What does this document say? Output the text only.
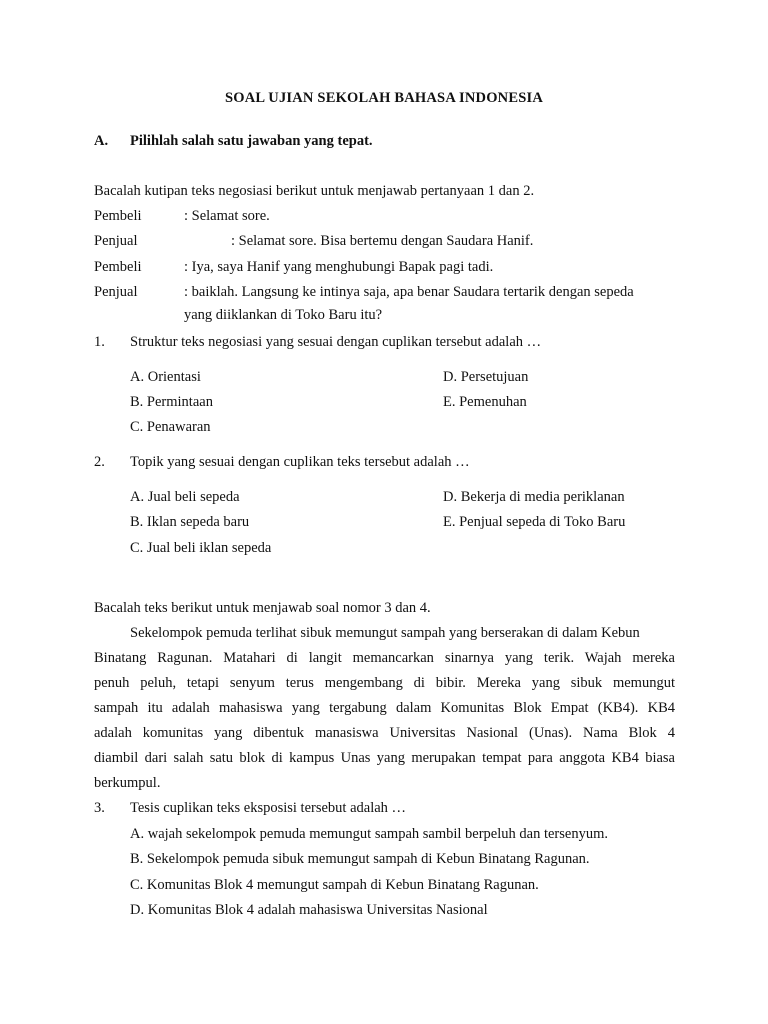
SOAL UJIAN SEKOLAH BAHASA INDONESIA
A. Pilihlah salah satu jawaban yang tepat.
Bacalah kutipan teks negosiasi berikut untuk menjawab pertanyaan 1 dan 2.
Pembeli	: Selamat sore.
Penjual	: Selamat sore. Bisa bertemu dengan Saudara Hanif.
Pembeli	: Iya, saya Hanif yang menghubungi Bapak pagi tadi.
Penjual	: baiklah. Langsung ke intinya saja, apa benar Saudara tertarik dengan sepeda
yang diiklankan di Toko Baru itu?
1. Struktur teks negosiasi yang sesuai dengan cuplikan tersebut adalah …
A. Orientasi
B. Permintaan
C. Penawaran
D. Persetujuan
E. Pemenuhan
2. Topik yang sesuai dengan cuplikan teks tersebut adalah …
A. Jual beli sepeda
B. Iklan sepeda baru
C. Jual beli iklan sepeda
D. Bekerja di media periklanan
E. Penjual sepeda di Toko Baru
Bacalah teks berikut untuk menjawab soal nomor 3 dan 4.
Sekelompok pemuda terlihat sibuk memungut sampah yang berserakan di dalam Kebun
Binatang Ragunan. Matahari di langit memancarkan sinarnya yang terik. Wajah mereka
penuh peluh, tetapi senyum terus mengembang di bibir. Mereka yang sibuk memungut
sampah itu adalah mahasiswa yang tergabung dalam Komunitas Blok Empat (KB4). KB4
adalah komunitas yang dibentuk manasiswa Universitas Nasional (Unas). Nama Blok 4
diambil dari salah satu blok di kampus Unas yang merupakan tempat para anggota KB4 biasa
berkumpul.
3. Tesis cuplikan teks eksposisi tersebut adalah …
A. wajah sekelompok pemuda memungut sampah sambil berpeluh dan tersenyum.
B. Sekelompok pemuda sibuk memungut sampah di Kebun Binatang Ragunan.
C. Komunitas Blok 4 memungut sampah di Kebun Binatang Ragunan.
D. Komunitas Blok 4 adalah mahasiswa Universitas Nasional
